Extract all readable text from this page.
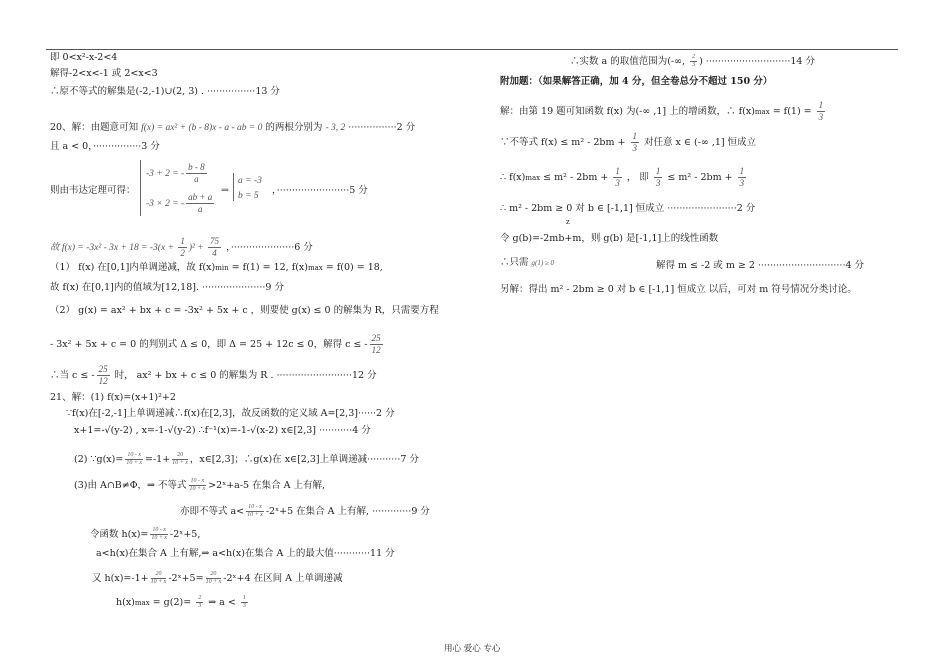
即 0<x²-x-2<4
解得-2<x<-1 或 2<x<3
∴原不等式的解集是(-2,-1)∪(2, 3) . ················13 分
20、解：由题意可知 f(x) = ax² + (b - 8)x - a - ab = 0 的两根分别为 - 3, 2 ················2 分
且 a < 0，················3 分
则由韦达定理可得：
-3 + 2 = - $\frac{b - 8}{a}$
-3 × 2 = - $\frac{ab + a}{a}$
⇒
a = -3
b = 5 ，························5 分
故 $f(x) = -3x^2 - 3x + 18 = -3(x + \frac{1}{2} )^2 + \frac{75}{4}$ ，·····················6 分
（1） f(x) 在[0,1]内单调递减，故 f(x)min = f(1) = 12, f(x)max = f(0) = 18,
故 f(x) 在[0,1]内的值域为[12,18]. ·····················9 分
（2） g(x) = ax² + bx + c = -3x² + 5x + c ，则要使 g(x) ≤ 0 的解集为 R，只需要方程
- 3x² + 5x + c = 0 的判别式 Δ ≤ 0，即 Δ = 25 + 12c ≤ 0，解得 c ≤ - $\frac{25}{12}$
∴当 c ≤ - $\frac{25}{12}$ 时， ax² + bx + c ≤ 0 的解集为 R . ·························12 分
21、解：(1) f(x)=(x+1)²+2
∵f(x)在[-2,-1]上单调递减∴f(x)在[2,3]，故反函数的定义域 A=[2,3]······2 分
x+1=-√(y-2) , x=-1-√(y-2) ∴f⁻¹(x)=-1-√(x-2) x∈[2,3] ···········4 分
(2) ∵g(x)= $\frac{10 - x}{10 + x} =-1+ \frac{20}{10 + x}$ ，x∈[2,3]；∴g(x)在 x∈[2,3]上单调递减···········7 分
(3)由 A∩B≠Φ，⇒ 不等式 $\frac{10 - x}{10 + x}$ >2ˣ+a-5 在集合 A 上有解,
亦即不等式 $a< \frac{10 - x}{10 + x}$ -2ˣ+5 在集合 A 上有解, ·············9 分
令函数 $h(x)= \frac{10 - x}{10 + x}$ -2ˣ+5,
a<h(x)在集合 A 上有解,⇒ a<h(x)在集合 A 上的最大值············11 分
又 $h(x)=-1+ \frac{20}{10 + x}$ -2ˣ+5= $\frac{20}{10 + x}$ -2ˣ+4 在区间 A 上单调递减
$h(x)\max = g(2)= \frac{2}{3}$ ⇒ $a < \frac{1}{3}$
∴实数 a 的取值范围为(-∞, $\frac{2}{3}$ ) ····························14 分
附加题：（如果解答正确，加 4 分，但全卷总分不超过 150 分）
解：由第 19 题可知函数 f(x) 为(-∞ ,1] 上的增函数，∴ $f(x)\max = f(1) = \frac{1}{3}$
∵不等式 $f(x) \le m^2 - 2bm + \frac{1}{3}$ 对任意 x ∈ (-∞ ,1] 恒成立
∴ $f(x)\max \le m^2 - 2bm + \frac{1}{3}$ ， 即 $\frac{1}{3} \le m^2 - 2bm + \frac{1}{3}$
∴ m² - 2bm ≥ 0 对 b ∈ [-1,1] 恒成立 ·······················2 分
z
令 g(b)=-2mb+m，则 g(b) 是[-1,1]上的线性函数
∴只需 g(1) ≥ 0	解得 m ≤ -2 或 m ≥ 2 ·····························4 分
另解：得出 m² - 2bm ≥ 0 对 b ∈ [-1,1] 恒成立 以后，可对 m 符号情况分类讨论。
用心 爱心 专心
